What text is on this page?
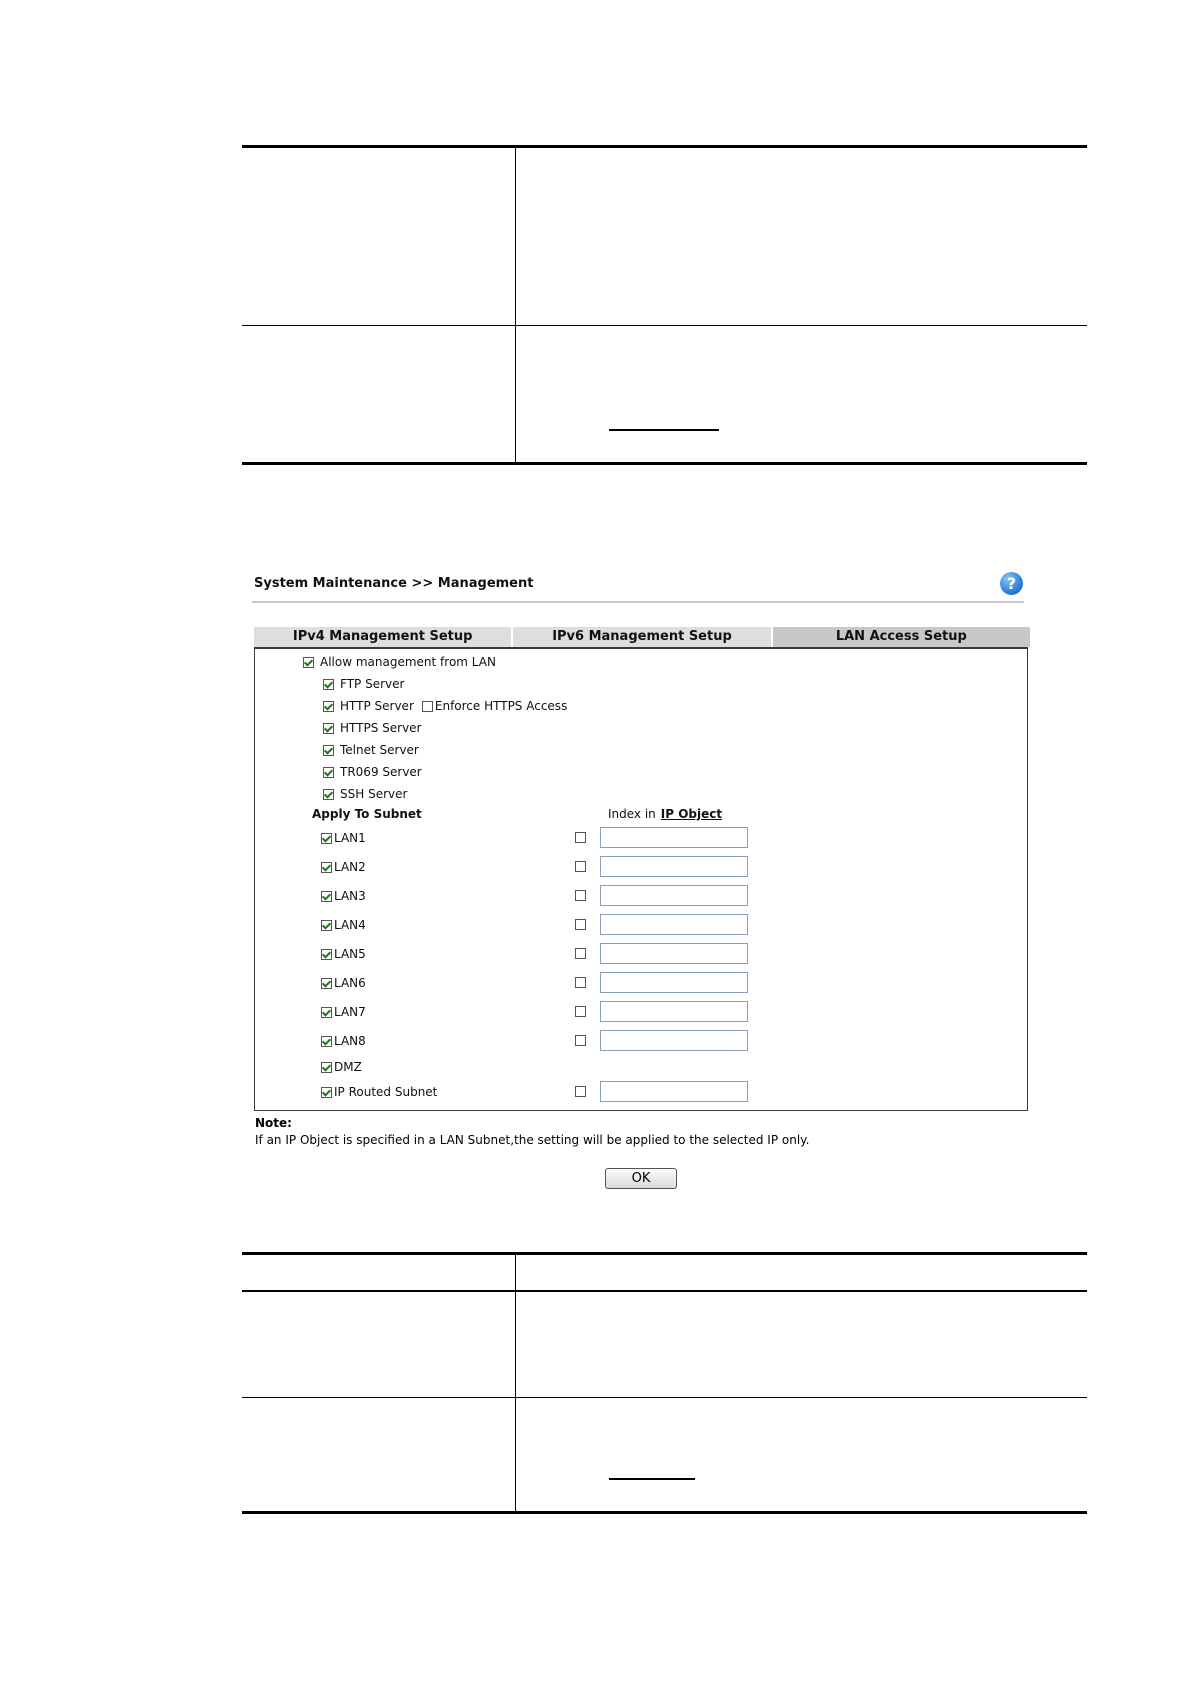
System Maintenance >> Management	?
IPv4 Management Setup	IPv6 Management Setup	LAN Access Setup
Allow management from LAN
FTP Server
HTTP Server Enforce HTTPS Access
HTTPS Server
Telnet Server
TR069 Server
SSH Server
Apply To Subnet	Index in IP Object
LAN1
LAN2
LAN3
LAN4
LAN5
LAN6
LAN7
LAN8
DMZ
IP Routed Subnet
Note:
If an IP Object is specified in a LAN Subnet,the setting will be applied to the selected IP only.
OK
